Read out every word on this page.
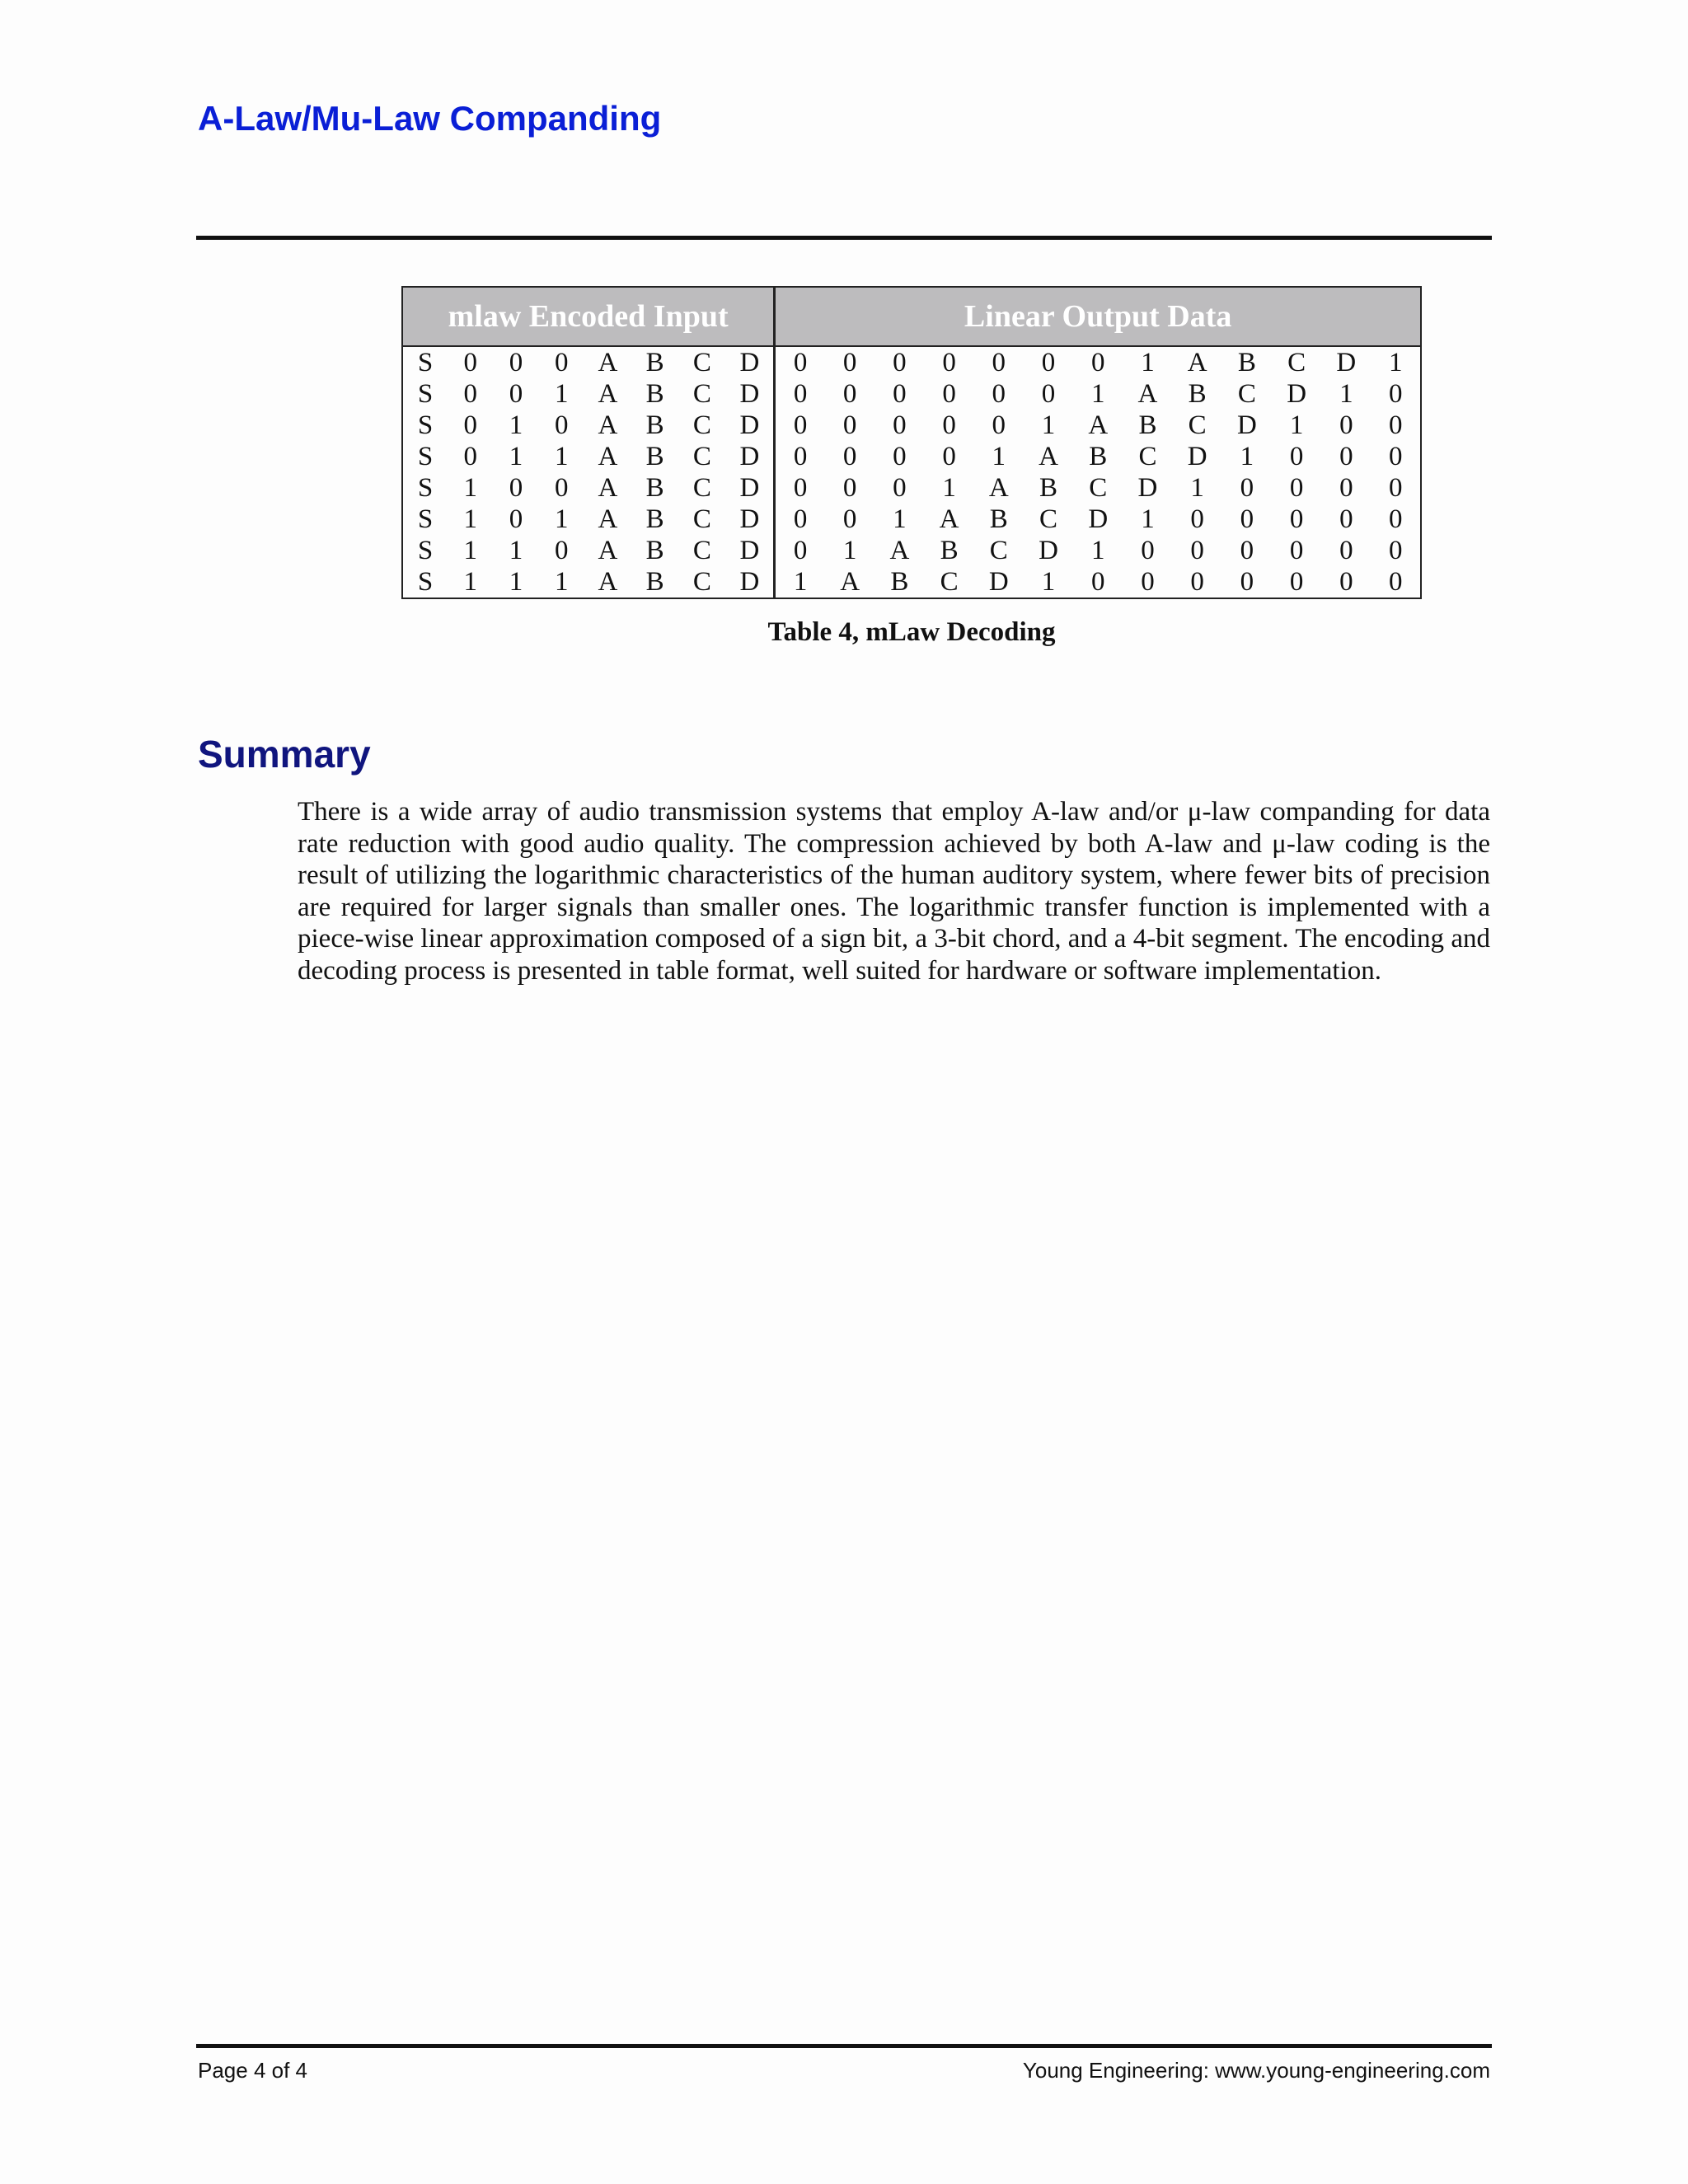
A-Law/Mu-Law Companding
mlaw Encoded Input								Linear Output Data												
S	0	0	0	A	B	C	D	0	0	0	0	0	0	0	1	A	B	C	D	1
S	0	0	1	A	B	C	D	0	0	0	0	0	0	1	A	B	C	D	1	0
S	0	1	0	A	B	C	D	0	0	0	0	0	1	A	B	C	D	1	0	0
S	0	1	1	A	B	C	D	0	0	0	0	1	A	B	C	D	1	0	0	0
S	1	0	0	A	B	C	D	0	0	0	1	A	B	C	D	1	0	0	0	0
S	1	0	1	A	B	C	D	0	0	1	A	B	C	D	1	0	0	0	0	0
S	1	1	0	A	B	C	D	0	1	A	B	C	D	1	0	0	0	0	0	0
S	1	1	1	A	B	C	D	1	A	B	C	D	1	0	0	0	0	0	0	0
Table 4, mLaw Decoding
Summary

There is a wide array of audio transmission systems that employ A-law and/or μ-law companding for data rate reduction with good audio quality. The compression achieved by both A-law and μ-law coding is the result of utilizing the logarithmic characteristics of the human auditory system, where fewer bits of precision are required for larger signals than smaller ones. The logarithmic transfer function is implemented with a piece-wise linear approximation composed of a sign bit, a 3-bit chord, and a 4-bit segment. The encoding and decoding process is presented in table format, well suited for hardware or software implementation.

Page 4 of 4	Young Engineering: www.young-engineering.com
